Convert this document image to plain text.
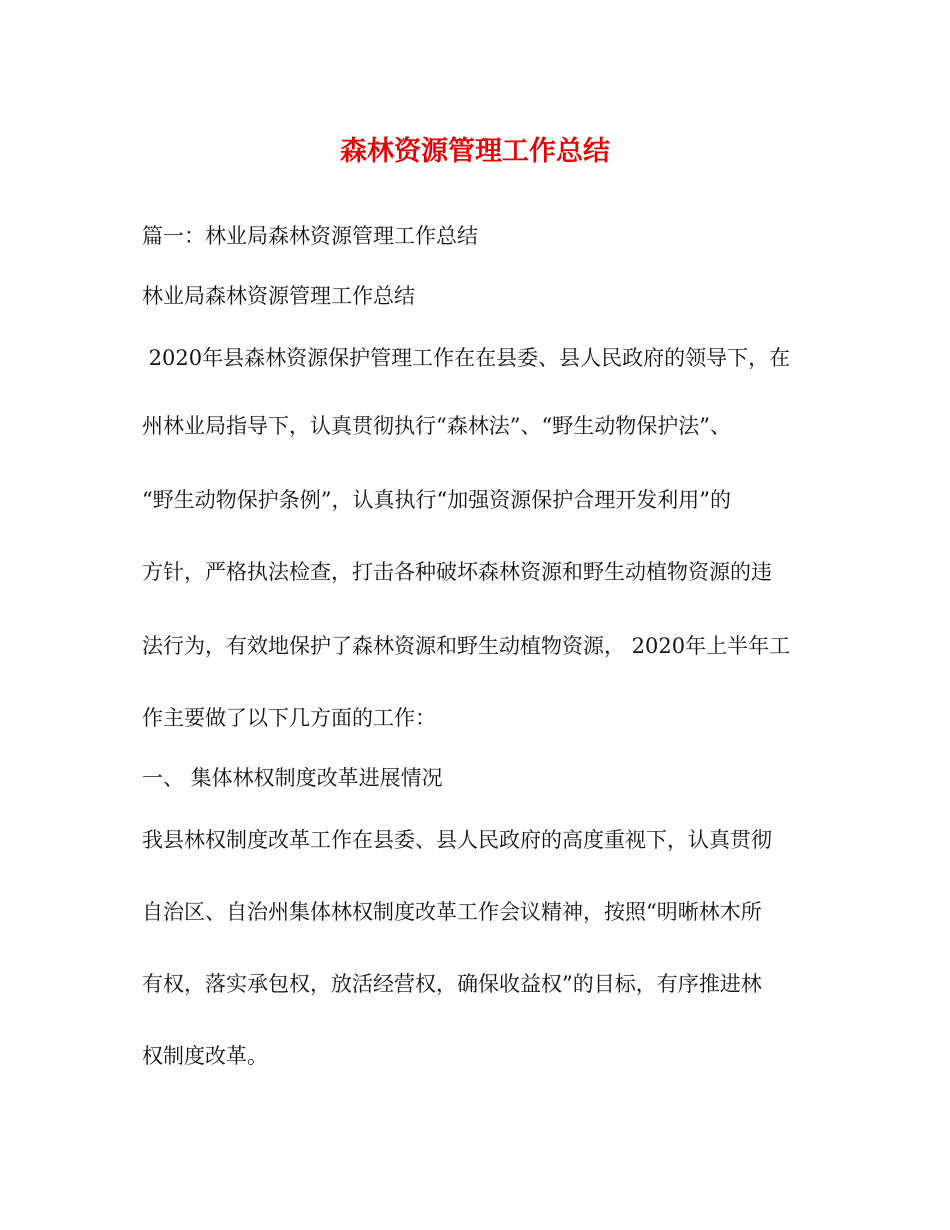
森林资源管理工作总结
篇一：林业局森林资源管理工作总结
林业局森林资源管理工作总结
2020年县森林资源保护管理工作在在县委、县人民政府的领导下，在
州林业局指导下，认真贯彻执行“森林法”、“野生动物保护法”、
“野生动物保护条例”，认真执行“加强资源保护合理开发利用”的
方针，严格执法检查，打击各种破坏森林资源和野生动植物资源的违
法行为，有效地保护了森林资源和野生动植物资源， 2020年上半年工
作主要做了以下几方面的工作：
一、 集体林权制度改革进展情况
我县林权制度改革工作在县委、县人民政府的高度重视下，认真贯彻
自治区、自治州集体林权制度改革工作会议精神，按照“明晰林木所
有权，落实承包权，放活经营权，确保收益权”的目标，有序推进林
权制度改革。
